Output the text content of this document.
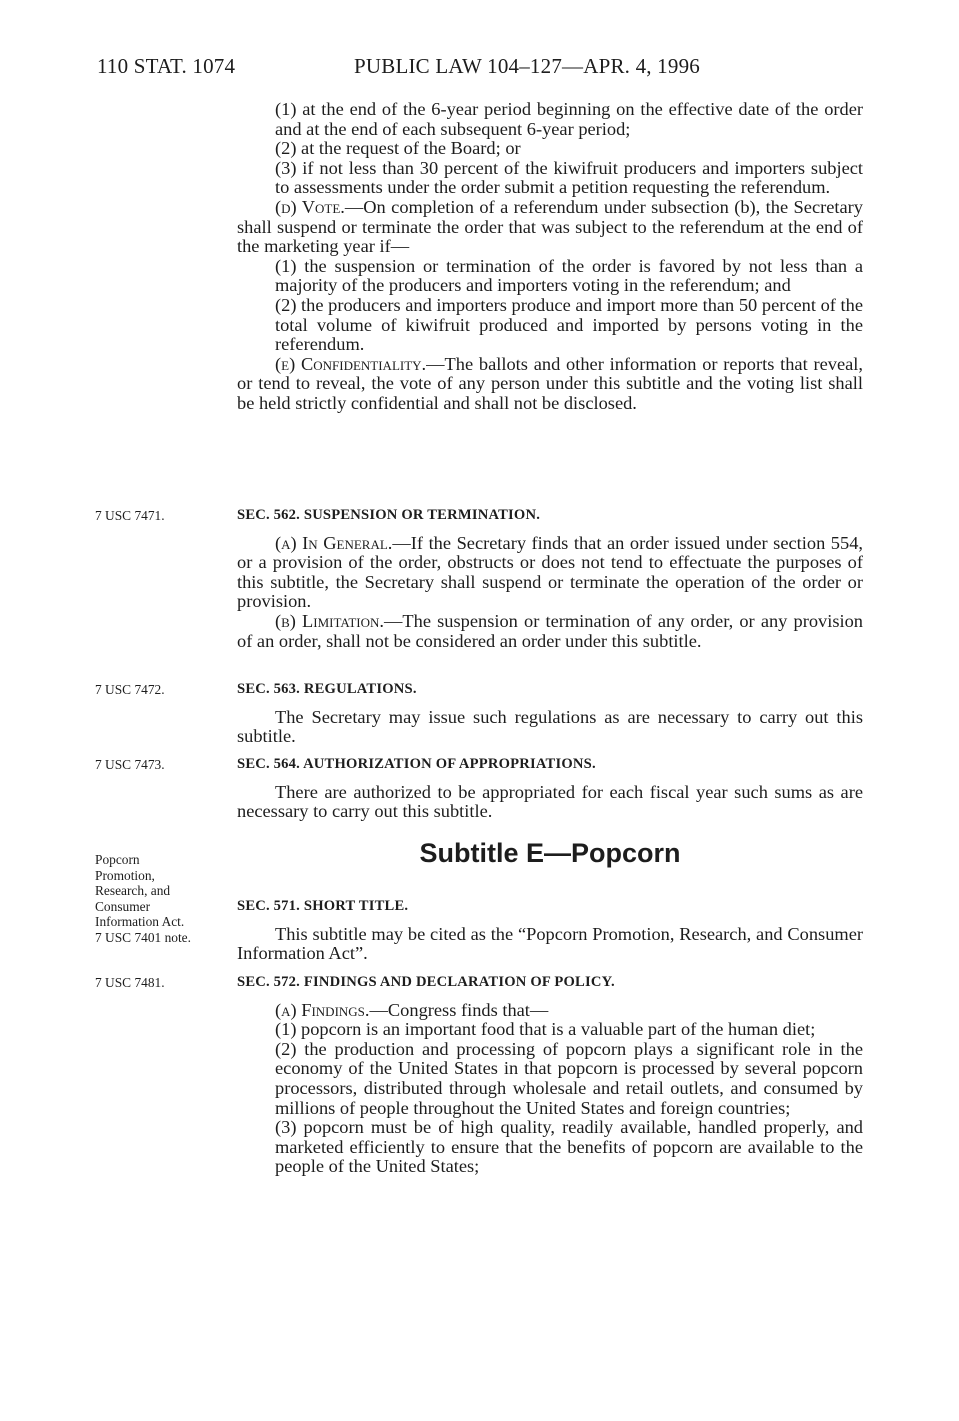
110 STAT. 1074	PUBLIC LAW 104–127—APR. 4, 1996

(1) at the end of the 6-year period beginning on the effective date of the order and at the end of each subsequent 6-year period;

(2) at the request of the Board; or

(3) if not less than 30 percent of the kiwifruit producers and importers subject to assessments under the order submit a petition requesting the referendum.

(d) Vote.—On completion of a referendum under subsection (b), the Secretary shall suspend or terminate the order that was subject to the referendum at the end of the marketing year if—

(1) the suspension or termination of the order is favored by not less than a majority of the producers and importers voting in the referendum; and

(2) the producers and importers produce and import more than 50 percent of the total volume of kiwifruit produced and imported by persons voting in the referendum.

(e) Confidentiality.—The ballots and other information or reports that reveal, or tend to reveal, the vote of any person under this subtitle and the voting list shall be held strictly confidential and shall not be disclosed.

7 USC 7471.	SEC. 562. SUSPENSION OR TERMINATION.

(a) In General.—If the Secretary finds that an order issued under section 554, or a provision of the order, obstructs or does not tend to effectuate the purposes of this subtitle, the Secretary shall suspend or terminate the operation of the order or provision.

(b) Limitation.—The suspension or termination of any order, or any provision of an order, shall not be considered an order under this subtitle.

7 USC 7472.	SEC. 563. REGULATIONS.

The Secretary may issue such regulations as are necessary to carry out this subtitle.

7 USC 7473.	SEC. 564. AUTHORIZATION OF APPROPRIATIONS.

There are authorized to be appropriated for each fiscal year such sums as are necessary to carry out this subtitle.

Subtitle E—Popcorn
Popcorn
Promotion,
Research, and
Consumer
Information Act.
7 USC 7401 note.

SEC. 571. SHORT TITLE.

This subtitle may be cited as the “Popcorn Promotion, Research, and Consumer Information Act”.

7 USC 7481.	SEC. 572. FINDINGS AND DECLARATION OF POLICY.

(a) Findings.—Congress finds that—

(1) popcorn is an important food that is a valuable part of the human diet;

(2) the production and processing of popcorn plays a significant role in the economy of the United States in that popcorn is processed by several popcorn processors, distributed through wholesale and retail outlets, and consumed by millions of people throughout the United States and foreign countries;

(3) popcorn must be of high quality, readily available, handled properly, and marketed efficiently to ensure that the benefits of popcorn are available to the people of the United States;
